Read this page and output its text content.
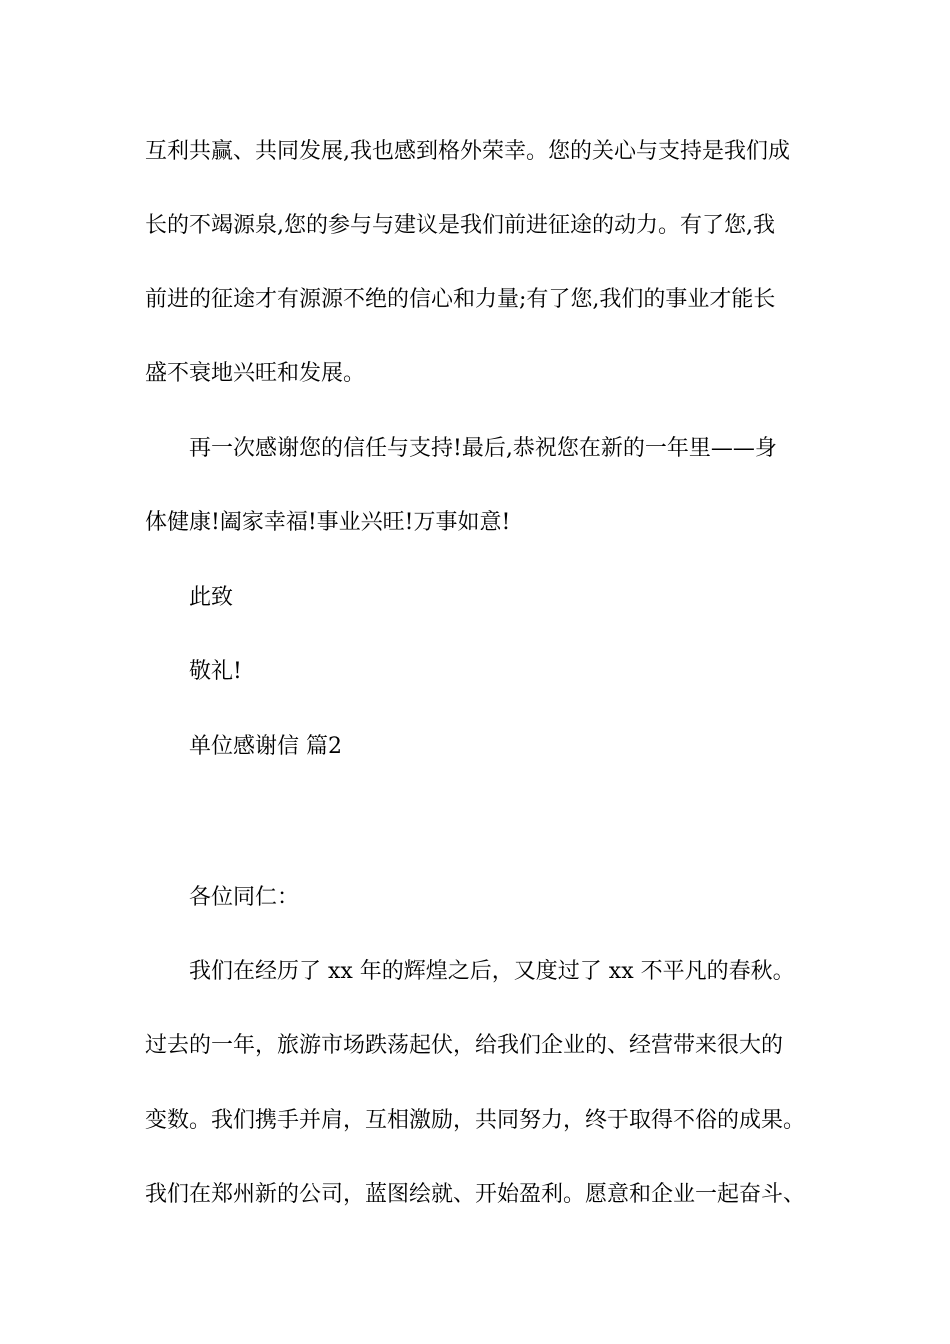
互利共赢、共同发展,我也感到格外荣幸。您的关心与支持是我们成
长的不竭源泉,您的参与与建议是我们前进征途的动力。有了您,我
前进的征途才有源源不绝的信心和力量;有了您,我们的事业才能长
盛不衰地兴旺和发展。
再一次感谢您的信任与支持!最后,恭祝您在新的一年里——身
体健康!阖家幸福!事业兴旺!万事如意!
此致
敬礼!
单位感谢信 篇2
各位同仁：
我们在经历了 xx 年的辉煌之后，又度过了 xx 不平凡的春秋。
过去的一年，旅游市场跌荡起伏，给我们企业的、经营带来很大的
变数。我们携手并肩，互相激励，共同努力，终于取得不俗的成果。
我们在郑州新的公司，蓝图绘就、开始盈利。愿意和企业一起奋斗、
